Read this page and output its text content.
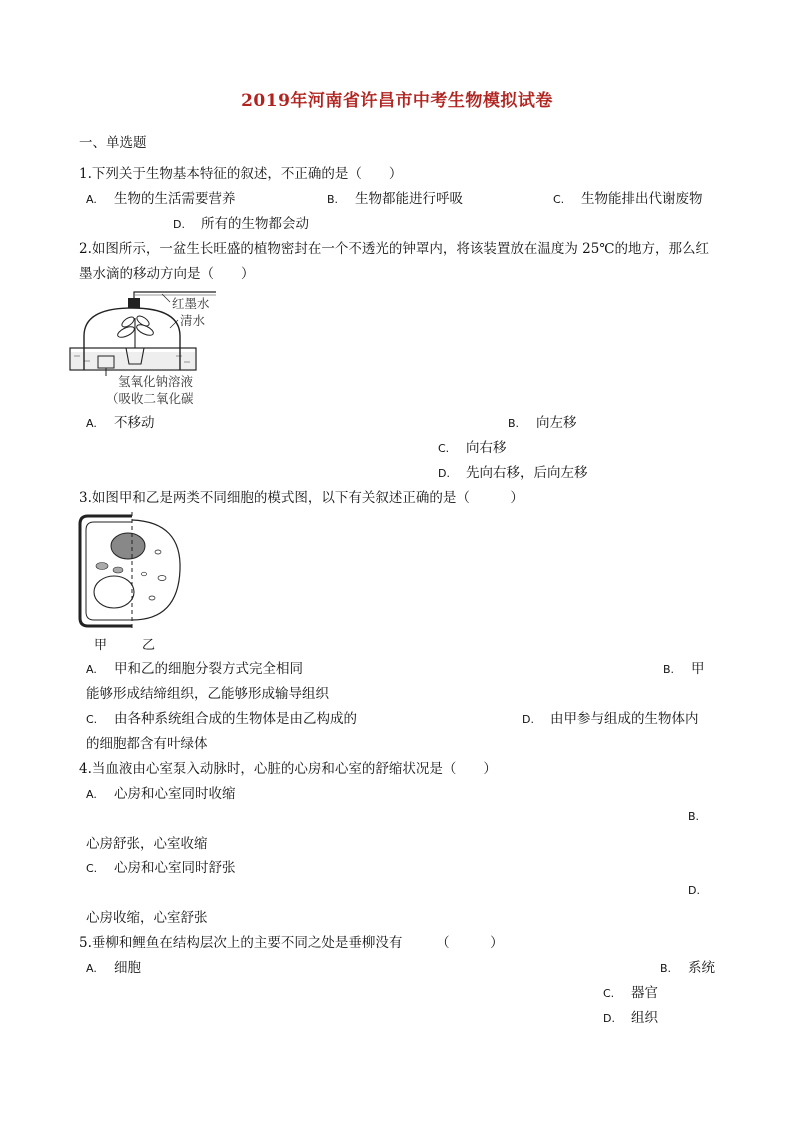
2019年河南省许昌市中考生物模拟试卷
一、单选题
1.下列关于生物基本特征的叙述，不正确的是（　　）
A. 生物的生活需要营养	B. 生物都能进行呼吸	C. 生物能排出代谢废物
D. 所有的生物都会动
2.如图所示，一盆生长旺盛的植物密封在一个不透光的钟罩内，将该装置放在温度为 25℃的地方，那么红
墨水滴的移动方向是（　　）
红墨水
清水
氢氧化钠溶液
（吸收二氧化碳
A. 不移动	B. 向左移
C. 向右移
D. 先向右移，后向左移
3.如图甲和乙是两类不同细胞的模式图，以下有关叙述正确的是（　　　）
甲	乙
A. 甲和乙的细胞分裂方式完全相同	B. 甲
能够形成结缔组织，乙能够形成输导组织
C. 由各种系统组合成的生物体是由乙构成的	D. 由甲参与组成的生物体内
的细胞都含有叶绿体
4.当血液由心室泵入动脉时，心脏的心房和心室的舒缩状况是（　　）
A. 心房和心室同时收缩
B.
心房舒张，心室收缩
C. 心房和心室同时舒张
D.
心房收缩，心室舒张
5.垂柳和鲤鱼在结构层次上的主要不同之处是垂柳没有　　　（　　　）
A. 细胞	B. 系统
C. 器官
D. 组织
